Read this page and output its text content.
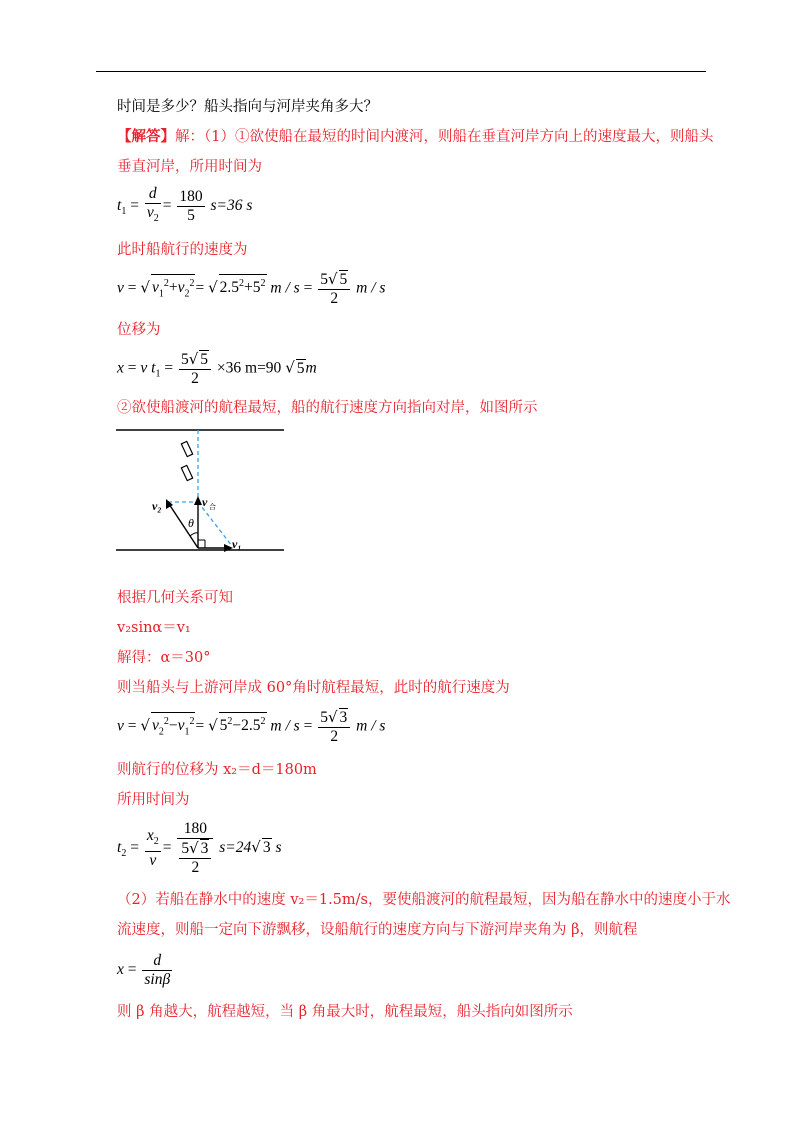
时间是多少？船头指向与河岸夹角多大？
【解答】解：（1）①欲使船在最短的时间内渡河，则船在垂直河岸方向上的速度最大，则船头
垂直河岸，所用时间为
$t_1 = \frac{d}{v_2} = \frac{180}{5} s=36$ s
此时船航行的速度为
v = √ $v_1^2+v_2^2=$ √ $2.5^2+5^2$ $m / s = \frac{5√ 5}{2}$ m / s
位移为
x = v $t_1 = \frac{5√ 5}{2} \times 36$ m=90 √ 5m
②欲使船渡河的航程最短，船的航行速度方向指向对岸，如图所示
v₂	v 合
θ
v₁
根据几何关系可知
v₂sinα＝v₁
解得：α＝30°
则当船头与上游河岸成 60°角时航程最短，此时的航行速度为
v = √ $v_2^2-v_1^2=$ √ $5^2-2.5^2$ $m / s = \frac{5√ 3}{2}$ m / s
则航行的位移为 x₂＝d＝180m
所用时间为
$t_2 = \frac{x_2}{v} = \frac{180}{\frac{5√ 3}{2}} s=24√$ 3 s
（2）若船在静水中的速度 v₂＝1.5m/s，要使船渡河的航程最短，因为船在静水中的速度小于水
流速度，则船一定向下游飘移，设船航行的速度方向与下游河岸夹角为 β，则航程
$x = \frac{d}{\sin\beta}$
则 β 角越大，航程越短，当 β 角最大时，航程最短，船头指向如图所示
